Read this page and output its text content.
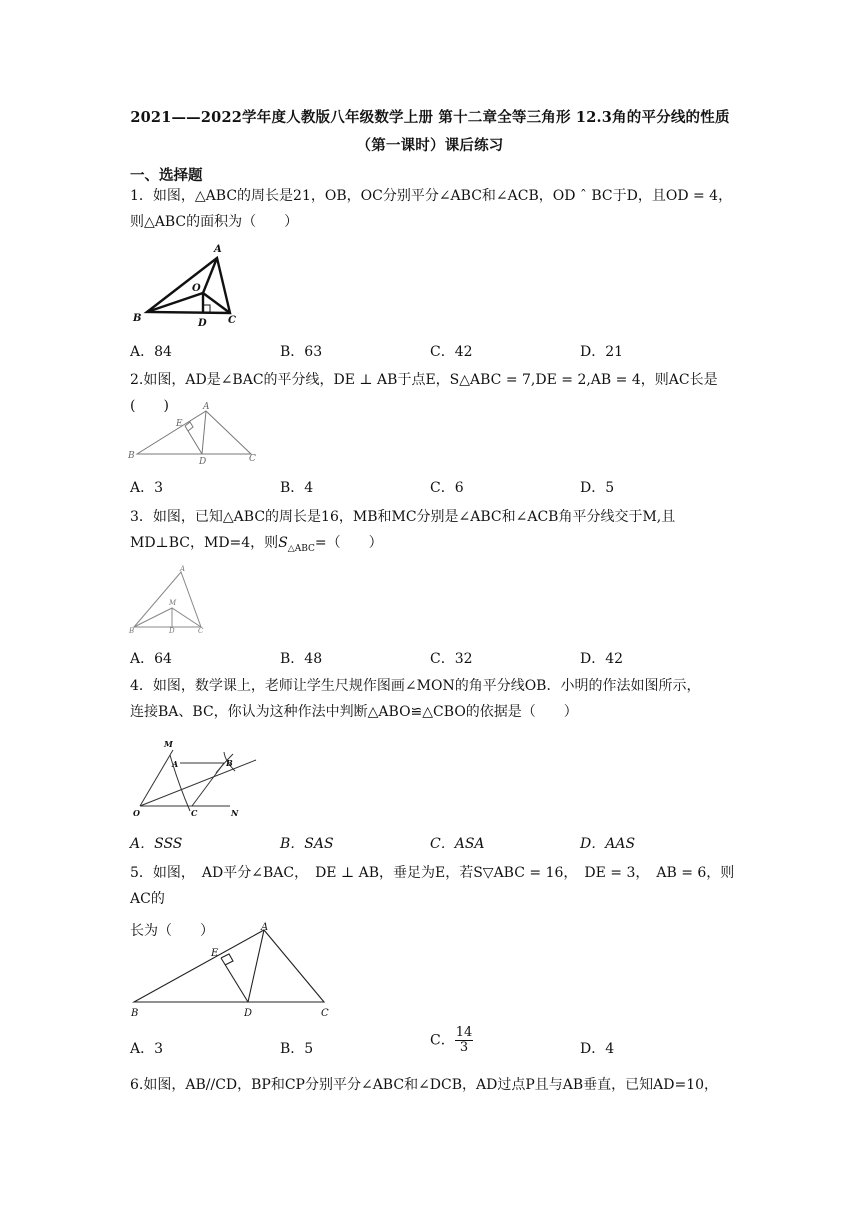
2021——2022学年度人教版八年级数学上册 第十二章全等三角形 12.3角的平分线的性质
（第一课时）课后练习
一、选择题
1．如图，△ABC的周长是21，OB，OC分别平分∠ABC和∠ACB，OD ˆ BC于D，且OD = 4，
则△ABC的面积为（　　）
A
B	C
D
O
A．84	B．63	C．42	D．21
2.如图，AD是∠BAC的平分线，DE ⊥ AB于点E，S△ABC = 7,DE = 2,AB = 4，则AC长是(　　)	A
B	C
D
E
A．3	B．4	C．6	D．5
3．如图，已知△ABC的周长是16，MB和MC分别是∠ABC和∠ACB角平分线交于M,且
MD⊥BC，MD=4，则$S_{\triangle ABC}=$（　　）
A
B	C
D
M
A．64	B．48	C．32	D．42
4．如图，数学课上，老师让学生尺规作图画∠MON的角平分线OB．小明的作法如图所示，
连接BA、BC，你认为这种作法中判断△ABO≌△CBO的依据是（　　）
M
A	B
O	C	N
A．SSS	B．SAS	C．ASA	D．AAS
5．如图，　AD平分∠BAC，　DE ⊥ AB，垂足为E，若S▽ABC = 16，　DE = 3，　AB = 6，则AC的
长为（　　）	A
E
B	D	C
A．3	B．5
C． $\frac{14}{3}$	D．4
6.如图，AB//CD，BP和CP分别平分∠ABC和∠DCB，AD过点P且与AB垂直，已知AD=10，
